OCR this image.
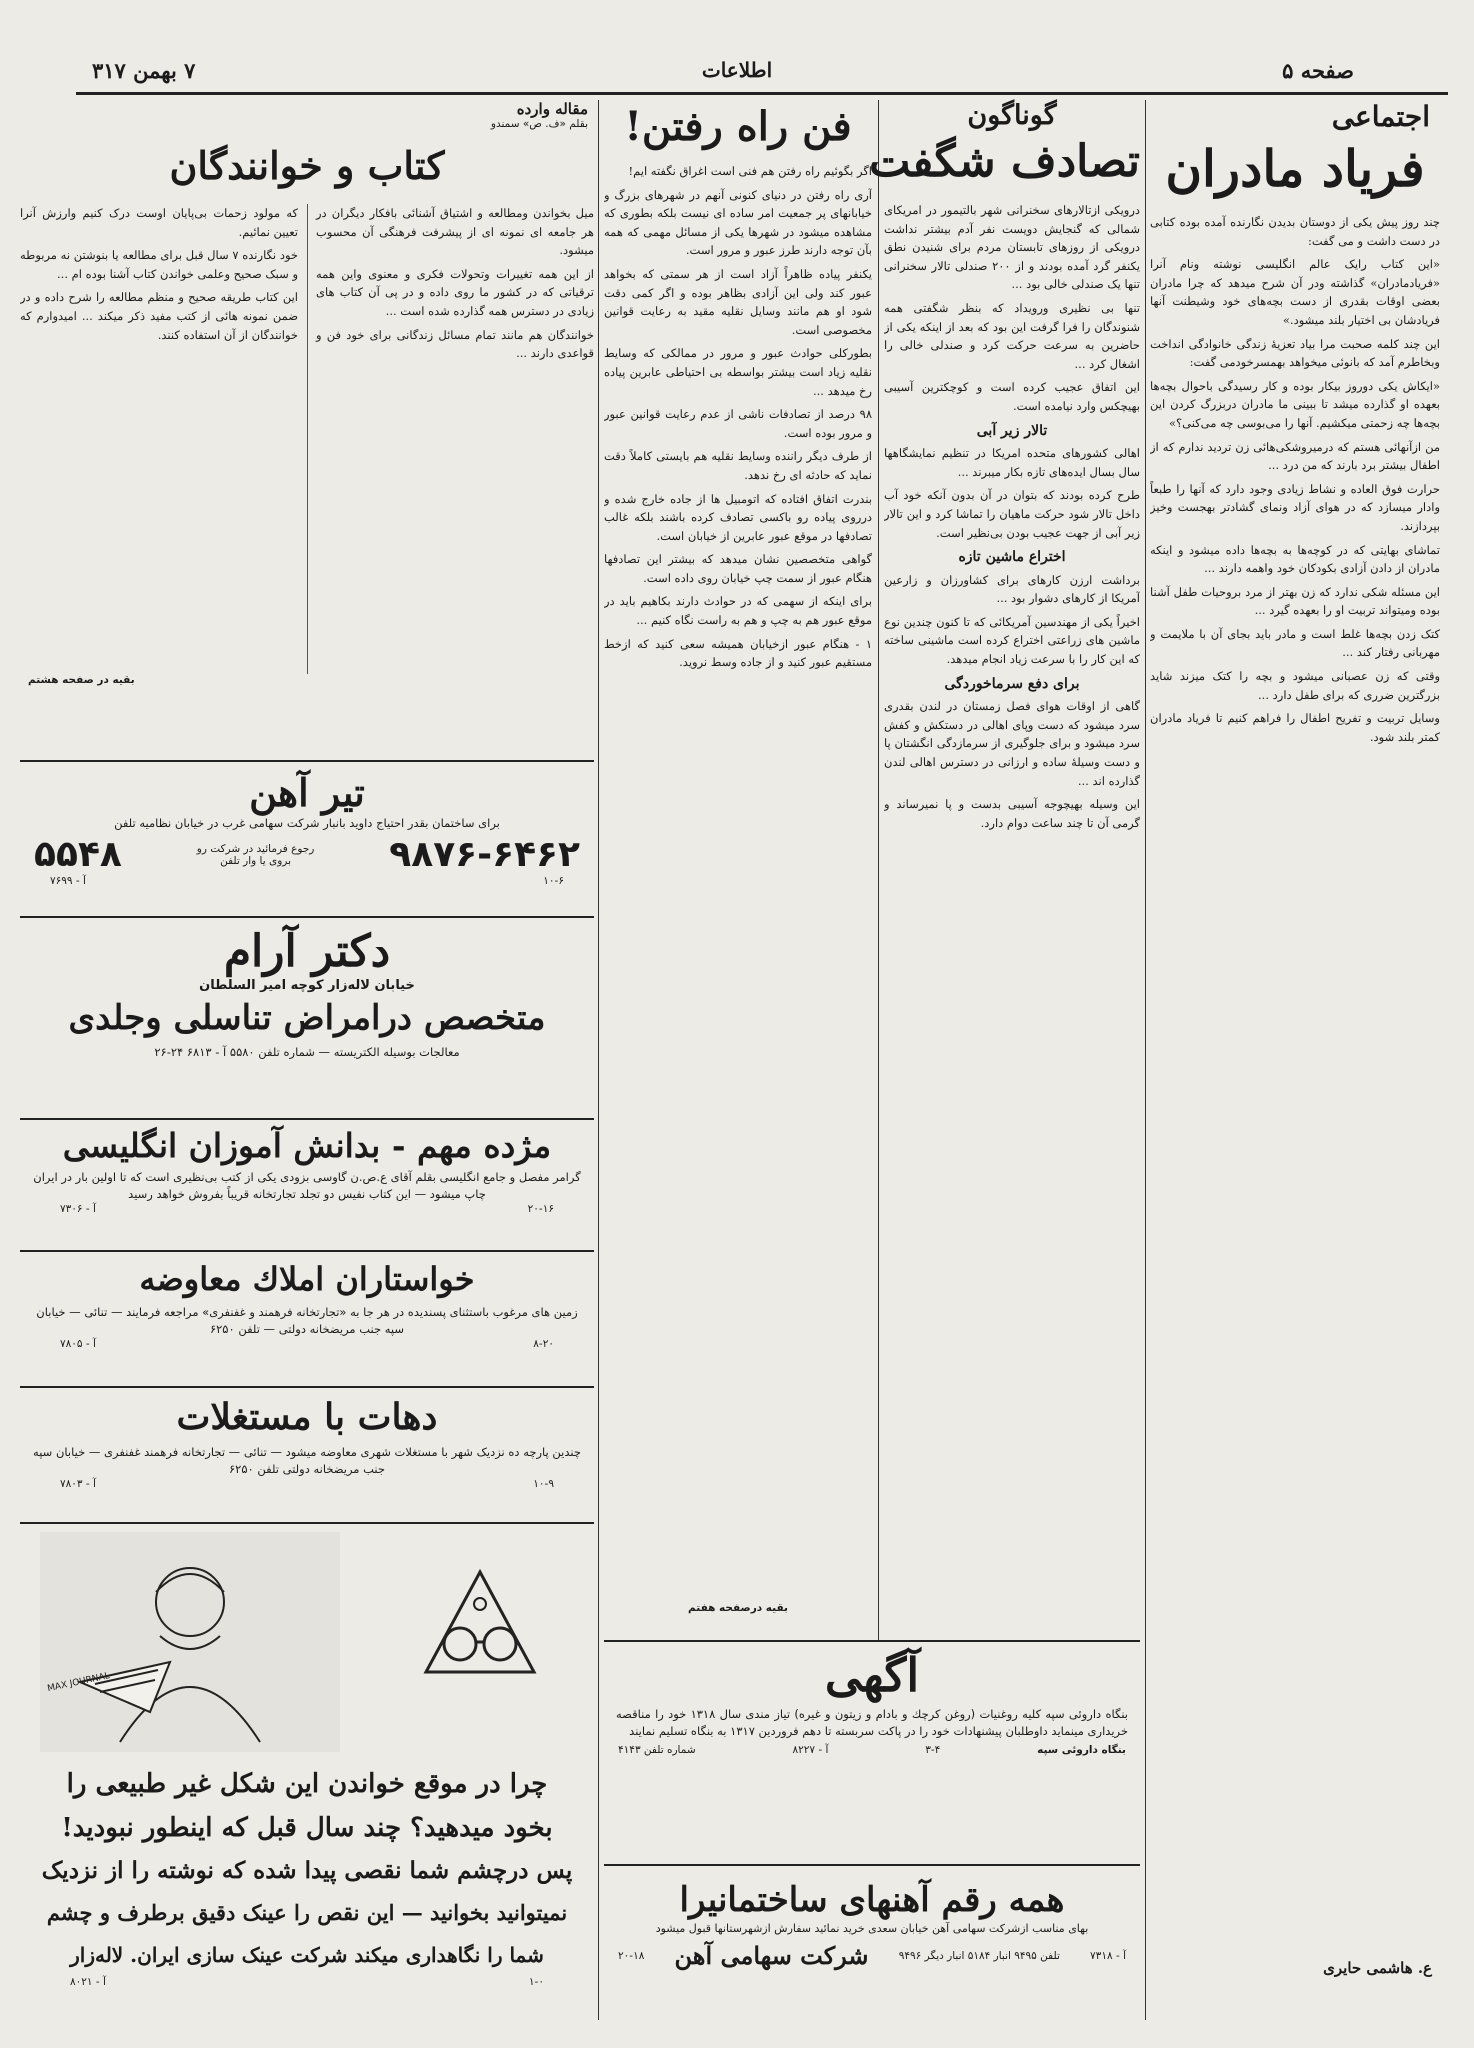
صفحه ۵
اطلاعات
۷ بهمن ۳۱۷
اجتماعی
فریاد مادران

چند روز پیش یکی از دوستان بدیدن نگارنده آمده بوده کتابی در دست داشت و می گفت:

«این کتاب رایک عالم انگلیسی نوشته ونام آنرا «فریادمادران» گذاشته ودر آن شرح میدهد که چرا مادران بعضی اوقات بقدری از دست بچه‌های خود وشیطنت آنها فریادشان بی اختیار بلند میشود.»

این چند کلمه صحبت مرا بیاد تعزیهٔ زندگی خانوادگی انداخت وبخاطرم آمد که بانوئی میخواهد بهمسرخودمی گفت:

«ایکاش یکی دوروز بیکار بوده و کار رسیدگی باحوال بچه‌ها بعهده او گذارده میشد تا ببینی ما مادران دربزرگ کردن این بچه‌ها چه زحمتی میکشیم. آنها را می‌بوسی چه می‌کنی؟»

من ازآنهائی هستم که درمیروشکی‌هائی زن تردید ندارم که از اطفال بیشتر برد بارند که من درد ...

حرارت فوق العاده و نشاط زیادی وجود دارد که آنها را طبعاً وادار میسازد که در هوای آزاد ونمای گشادتر بهجست وخیز بپردازند.

تماشای بهایتی که در کوچه‌ها به بچه‌ها داده میشود و اینکه مادران از دادن آزادی بکودکان خود واهمه دارند ...

این مسئله شکی ندارد که زن بهتر از مرد بروحیات طفل آشنا بوده ومیتواند تربیت او را بعهده گیرد ...

کتک زدن بچه‌ها غلط است و مادر باید بجای آن با ملایمت و مهربانی رفتار کند ...

وقتی که زن عصبانی میشود و بچه را کتک میزند شاید بزرگترین ضرری که برای طفل دارد ...

وسایل تربیت و تفریح اطفال را فراهم کنیم تا فریاد مادران کمتر بلند شود.

ع. هاشمی حایری
گوناگون
تصادف شگفت

درویکی ازتالارهای سخنرانی شهر بالتیمور در امریکای شمالی که گنجایش دویست نفر آدم بیشتر نداشت درویکی از روزهای تابستان مردم برای شنیدن نطق یکنفر گرد آمده بودند و از ۲۰۰ صندلی تالار سخنرانی تنها یک صندلی خالی بود ...

تنها بی نظیری ورویداد که بنظر شگفتی همه شنوندگان را فرا گرفت این بود که بعد از اینکه یکی از حاضرین به سرعت حرکت کرد و صندلی خالی را اشغال کرد ...

این اتفاق عجیب کرده است و کوچکترین آسیبی بهیچکس وارد نیامده است.

تالار زیر آبی

اهالی کشورهای متحده امریکا در تنظیم نمایشگاهها سال بسال ایده‌های تازه بکار میبرند ...

طرح کرده بودند که بتوان در آن بدون آنکه خود آب داخل تالار شود حرکت ماهیان را تماشا کرد و این تالار زیر آبی از جهت عجیب بودن بی‌نظیر است.

اختراع ماشین تازه

برداشت ارزن کارهای برای کشاورزان و زارعین آمریکا از کارهای دشوار بود ...

اخیراً یکی از مهندسین آمریکائی که تا کنون چندین نوع ماشین های زراعتی اختراع کرده است ماشینی ساخته که این کار را با سرعت زیاد انجام میدهد.

برای دفع سرماخوردگی

گاهی از اوقات هوای فصل زمستان در لندن بقدری سرد میشود که دست وپای اهالی در دستکش و کفش سرد میشود و برای جلوگیری از سرمازدگی انگشتان پا و دست وسیلهٔ ساده و ارزانی در دسترس اهالی لندن گذارده اند ...

این وسیله بهیچوجه آسیبی بدست و پا نمیرساند و گرمی آن تا چند ساعت دوام دارد.

فن راه رفتن!

اگر بگوئیم راه رفتن هم فنی است اغراق نگفته ایم!

آری راه رفتن در دنیای کنونی آنهم در شهرهای بزرگ و خیابانهای پر جمعیت امر ساده ای نیست بلکه بطوری که مشاهده میشود در شهرها یکی از مسائل مهمی که همه بآن توجه دارند طرز عبور و مرور است.

یکنفر پیاده ظاهراً آزاد است از هر سمتی که بخواهد عبور کند ولی این آزادی بظاهر بوده و اگر کمی دقت شود او هم مانند وسایل نقلیه مقید به رعایت قوانین مخصوصی است.

بطورکلی حوادث عبور و مرور در ممالکی که وسایط نقلیه زیاد است بیشتر بواسطه بی احتیاطی عابرین پیاده رخ میدهد ...

۹۸ درصد از تصادفات ناشی از عدم رعایت قوانین عبور و مرور بوده است.

از طرف دیگر راننده وسایط نقلیه هم بایستی کاملاً دقت نماید که حادثه ای رخ ندهد.

بندرت اتفاق افتاده که اتومبیل ها از جاده خارج شده و درروی پیاده رو باکسی تصادف کرده باشند بلکه غالب تصادفها در موقع عبور عابرین از خیابان است.

گواهی متخصصین نشان میدهد که بیشتر این تصادفها هنگام عبور از سمت چپ خیابان روی داده است.

برای اینکه از سهمی که در حوادث دارند بکاهیم باید در موقع عبور هم به چپ و هم به راست نگاه کنیم ...

۱ - هنگام عبور ازخیابان همیشه سعی کنید که ازخط مستقیم عبور کنید و از جاده وسط نروید.

بقیه درصفحه هفتم
مقاله وارده
بقلم «ف. ص» سمندو
کتاب و خوانندگان

میل بخواندن ومطالعه و اشتیاق آشنائی بافکار دیگران در هر جامعه ای نمونه ای از پیشرفت فرهنگی آن محسوب میشود.

از این همه تغییرات وتحولات فکری و معنوی واین همه ترقیاتی که در کشور ما روی داده و در پی آن کتاب های زیادی در دسترس همه گذارده شده است ...

خوانندگان هم مانند تمام مسائل زندگانی برای خود فن و قواعدی دارند ...

که مولود زحمات بی‌پایان اوست درک کنیم وارزش آنرا تعیین نمائیم.

خود نگارنده ۷ سال قبل برای مطالعه یا بنوشتن نه مربوطه و سبک صحیح وعلمی خواندن کتاب آشنا بوده ام ...

این کتاب طریقه صحیح و منظم مطالعه را شرح داده و در ضمن نمونه هائی از کتب مفید ذکر میکند ... امیدوارم که خوانندگان از آن استفاده کنند.

بقیه در صفحه هشتم
تیر آهن
برای ساختمان بقدر احتیاج داوید بانبار شرکت سهامی غرب در خیابان نظامیه تلفن
۹۸۷۶-۶۴۶۲
رجوع فرمائید در شرکت رو بروی یا وار تلفن
۵۵۴۸
۱۰-۶
آ - ۷۶۹۹
دکتر آرام
خیابان لاله‌زار کوچه امیر السلطان
متخصص درامراض تناسلی وجلدی
معالجات بوسیله الکتریسته — شماره تلفن ۵۵۸۰ آ - ۶۸۱۳ ۲۴-۲۶
مژده مهم - بدانش آموزان انگلیسی
گرامر مفصل و جامع انگلیسی بقلم آقای ع.ص.ن گاوسی بزودی یکی از کتب بی‌نظیری است که تا اولین بار در ایران چاپ میشود — این کتاب نفیس دو تجلد تجارتخانه قریباً بفروش خواهد رسید
۲۰-۱۶
آ - ۷۳۰۶
خواستاران املاك معاوضه
زمین های مرغوب باستثنای پسندیده در هر جا به «تجارتخانه فرهمند و غفنفری» مراجعه فرمایند — تنائی — خیابان سپه جنب مریضخانه دولتی — تلفن ۶۲۵۰
۸-۲۰
آ - ۷۸۰۵
دهات با مستغلات
چندین پارچه ده نزدیک شهر با مستغلات شهری معاوضه میشود — تنائی — تجارتخانه فرهمند غفنفری — خیابان سپه جنب مریضخانه دولتی تلفن ۶۲۵۰
۱۰-۹
آ - ۷۸۰۳
MAX JOURNAL
چرا در موقع خواندن این شکل غیر طبیعی را
بخود میدهید؟ چند سال قبل که اینطور نبودید!
پس درچشم شما نقصی پیدا شده که نوشته را از نزدیک
نمیتوانید بخوانید — این نقص را عینک دقیق برطرف و چشم
شما را نگاهداری میکند شرکت عینک سازی ایران. لاله‌زار
۱-۰
آ - ۸۰۲۱
آگهی
بنگاه داروئی سپه کلیه روغنیات (روغن کرچك و بادام و زیتون و غیره) تیاز مندی سال ۱۳۱۸ خود را مناقصه خریداری مینماید داوطلبان پیشنهادات خود را در پاکت سربسته تا دهم فروردین ۱۳۱۷ به بنگاه تسلیم نمایند
بنگاه داروئی سپه
۳-۴
آ - ۸۲۲۷
شماره تلفن ۴۱۴۳
همه رقم آهنهای ساختمانیرا
بهای مناسب ازشرکت سهامی آهن خیابان سعدی خرید نمائید سفارش ازشهرستانها قبول میشود
آ - ۷۳۱۸
تلفن ۹۴۹۵ انبار ۵۱۸۴ انبار دیگر ۹۴۹۶
شرکت سهامی آهن
۲۰-۱۸
